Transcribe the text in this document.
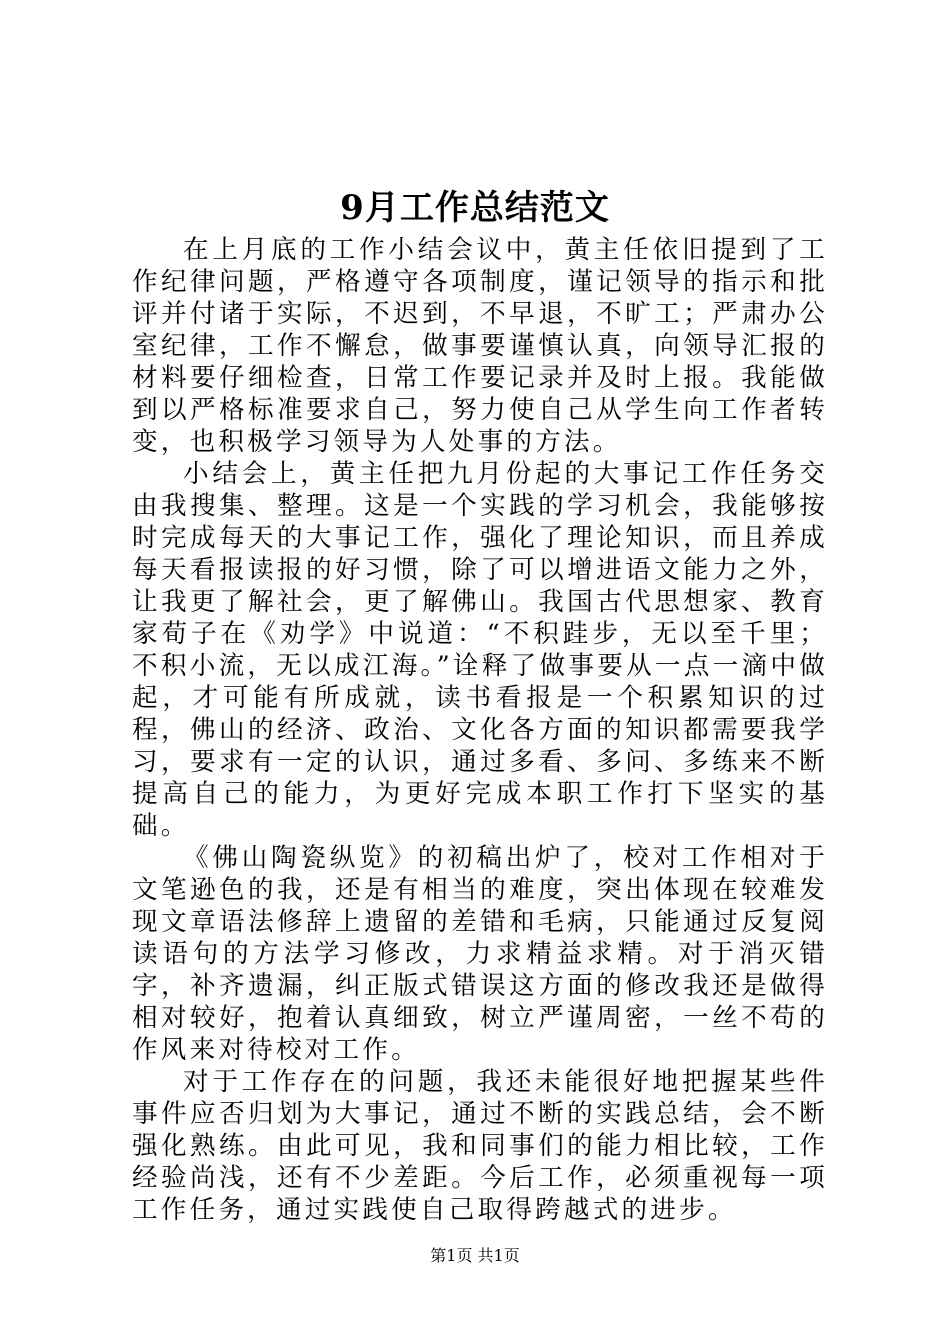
9月工作总结范文

在上月底的工作小结会议中，黄主任依旧提到了工作纪律问题，严格遵守各项制度，谨记领导的指示和批评并付诸于实际，不迟到，不早退，不旷工；严肃办公室纪律，工作不懈怠，做事要谨慎认真，向领导汇报的材料要仔细检查，日常工作要记录并及时上报。我能做到以严格标准要求自己，努力使自己从学生向工作者转变，也积极学习领导为人处事的方法。

小结会上，黄主任把九月份起的大事记工作任务交由我搜集、整理。这是一个实践的学习机会，我能够按时完成每天的大事记工作，强化了理论知识，而且养成每天看报读报的好习惯，除了可以增进语文能力之外，让我更了解社会，更了解佛山。我国古代思想家、教育家荀子在《劝学》中说道：“不积跬步，无以至千里；不积小流，无以成江海。”诠释了做事要从一点一滴中做起，才可能有所成就，读书看报是一个积累知识的过程，佛山的经济、政治、文化各方面的知识都需要我学习，要求有一定的认识，通过多看、多问、多练来不断提高自己的能力，为更好完成本职工作打下坚实的基础。

《佛山陶瓷纵览》的初稿出炉了，校对工作相对于文笔逊色的我，还是有相当的难度，突出体现在较难发现文章语法修辞上遗留的差错和毛病，只能通过反复阅读语句的方法学习修改，力求精益求精。对于消灭错字，补齐遗漏，纠正版式错误这方面的修改我还是做得相对较好，抱着认真细致，树立严谨周密，一丝不苟的作风来对待校对工作。

对于工作存在的问题，我还未能很好地把握某些件事件应否归划为大事记，通过不断的实践总结，会不断强化熟练。由此可见，我和同事们的能力相比较，工作经验尚浅，还有不少差距。今后工作，必须重视每一项工作任务，通过实践使自己取得跨越式的进步。

第1页 共1页
